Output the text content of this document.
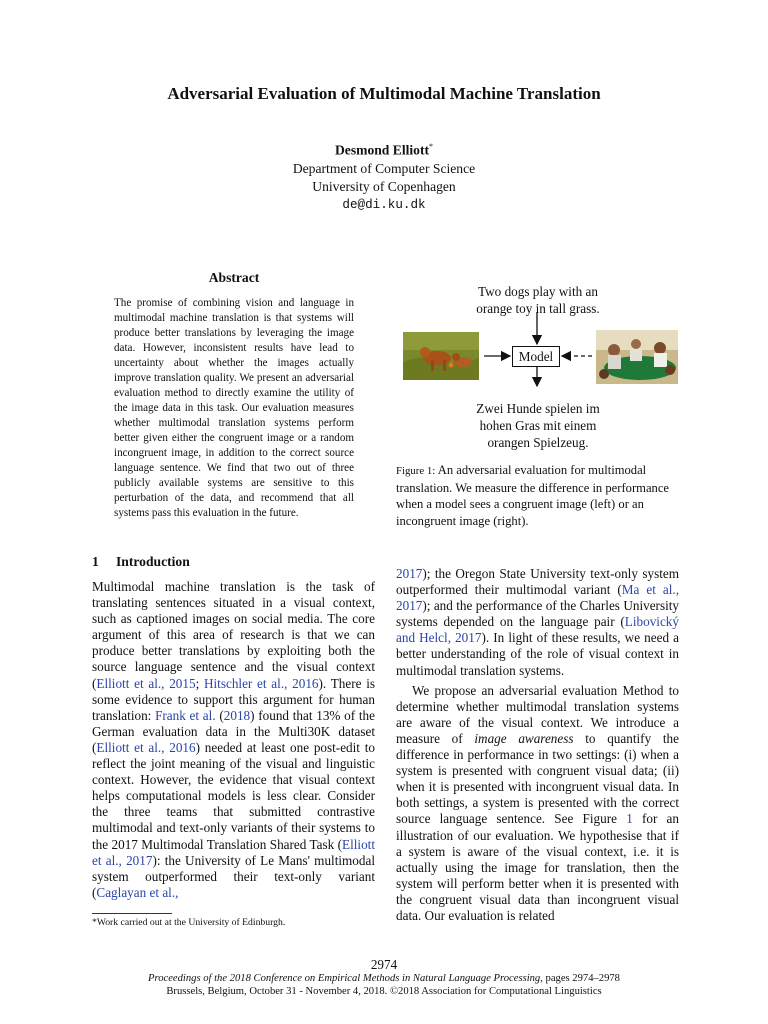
Adversarial Evaluation of Multimodal Machine Translation
Desmond Elliott*
Department of Computer Science
University of Copenhagen
de@di.ku.dk
Abstract
The promise of combining vision and language in multimodal machine translation is that systems will produce better translations by leveraging the image data. However, inconsistent results have lead to uncertainty about whether the images actually improve translation quality. We present an adversarial evaluation method to directly examine the utility of the image data in this task. Our evaluation measures whether multimodal translation systems perform better given either the congruent image or a random incongruent image, in addition to the correct source language sentence. We find that two out of three publicly available systems are sensitive to this perturbation of the data, and recommend that all systems pass this evaluation in the future.
1 Introduction

Multimodal machine translation is the task of translating sentences situated in a visual context, such as captioned images on social media. The core argument of this area of research is that we can produce better translations by exploiting both the source language sentence and the visual context (Elliott et al., 2015; Hitschler et al., 2016). There is some evidence to support this argument for human translation: Frank et al. (2018) found that 13% of the German evaluation data in the Multi30K dataset (Elliott et al., 2016) needed at least one post-edit to reflect the joint meaning of the visual and linguistic context. However, the evidence that visual context helps computational models is less clear. Consider the three teams that submitted contrastive multimodal and text-only variants of their systems to the 2017 Multimodal Translation Shared Task (Elliott et al., 2017): the University of Le Mans' multimodal system outperformed their text-only variant (Caglayan et al.,

*Work carried out at the University of Edinburgh.
Two dogs play with an
orange toy in tall grass.
Model
Zwei Hunde spielen im
hohen Gras mit einem
orangen Spielzeug.
Figure 1: An adversarial evaluation for multimodal translation. We measure the difference in performance when a model sees a congruent image (left) or an incongruent image (right).

2017); the Oregon State University text-only system outperformed their multimodal variant (Ma et al., 2017); and the performance of the Charles University systems depended on the language pair (Libovický and Helcl, 2017). In light of these results, we need a better understanding of the role of visual context in multimodal translation systems.

We propose an adversarial evaluation Method to determine whether multimodal translation systems are aware of the visual context. We introduce a measure of image awareness to quantify the difference in performance in two settings: (i) when a system is presented with congruent visual data; (ii) when it is presented with incongruent visual data. In both settings, a system is presented with the correct source language sentence. See Figure 1 for an illustration of our evaluation. We hypothesise that if a system is aware of the visual context, i.e. it is actually using the image for translation, then the system will perform better when it is presented with the congruent visual data than incongruent visual data. Our evaluation is related

2974
Proceedings of the 2018 Conference on Empirical Methods in Natural Language Processing, pages 2974–2978
Brussels, Belgium, October 31 - November 4, 2018. ©2018 Association for Computational Linguistics
